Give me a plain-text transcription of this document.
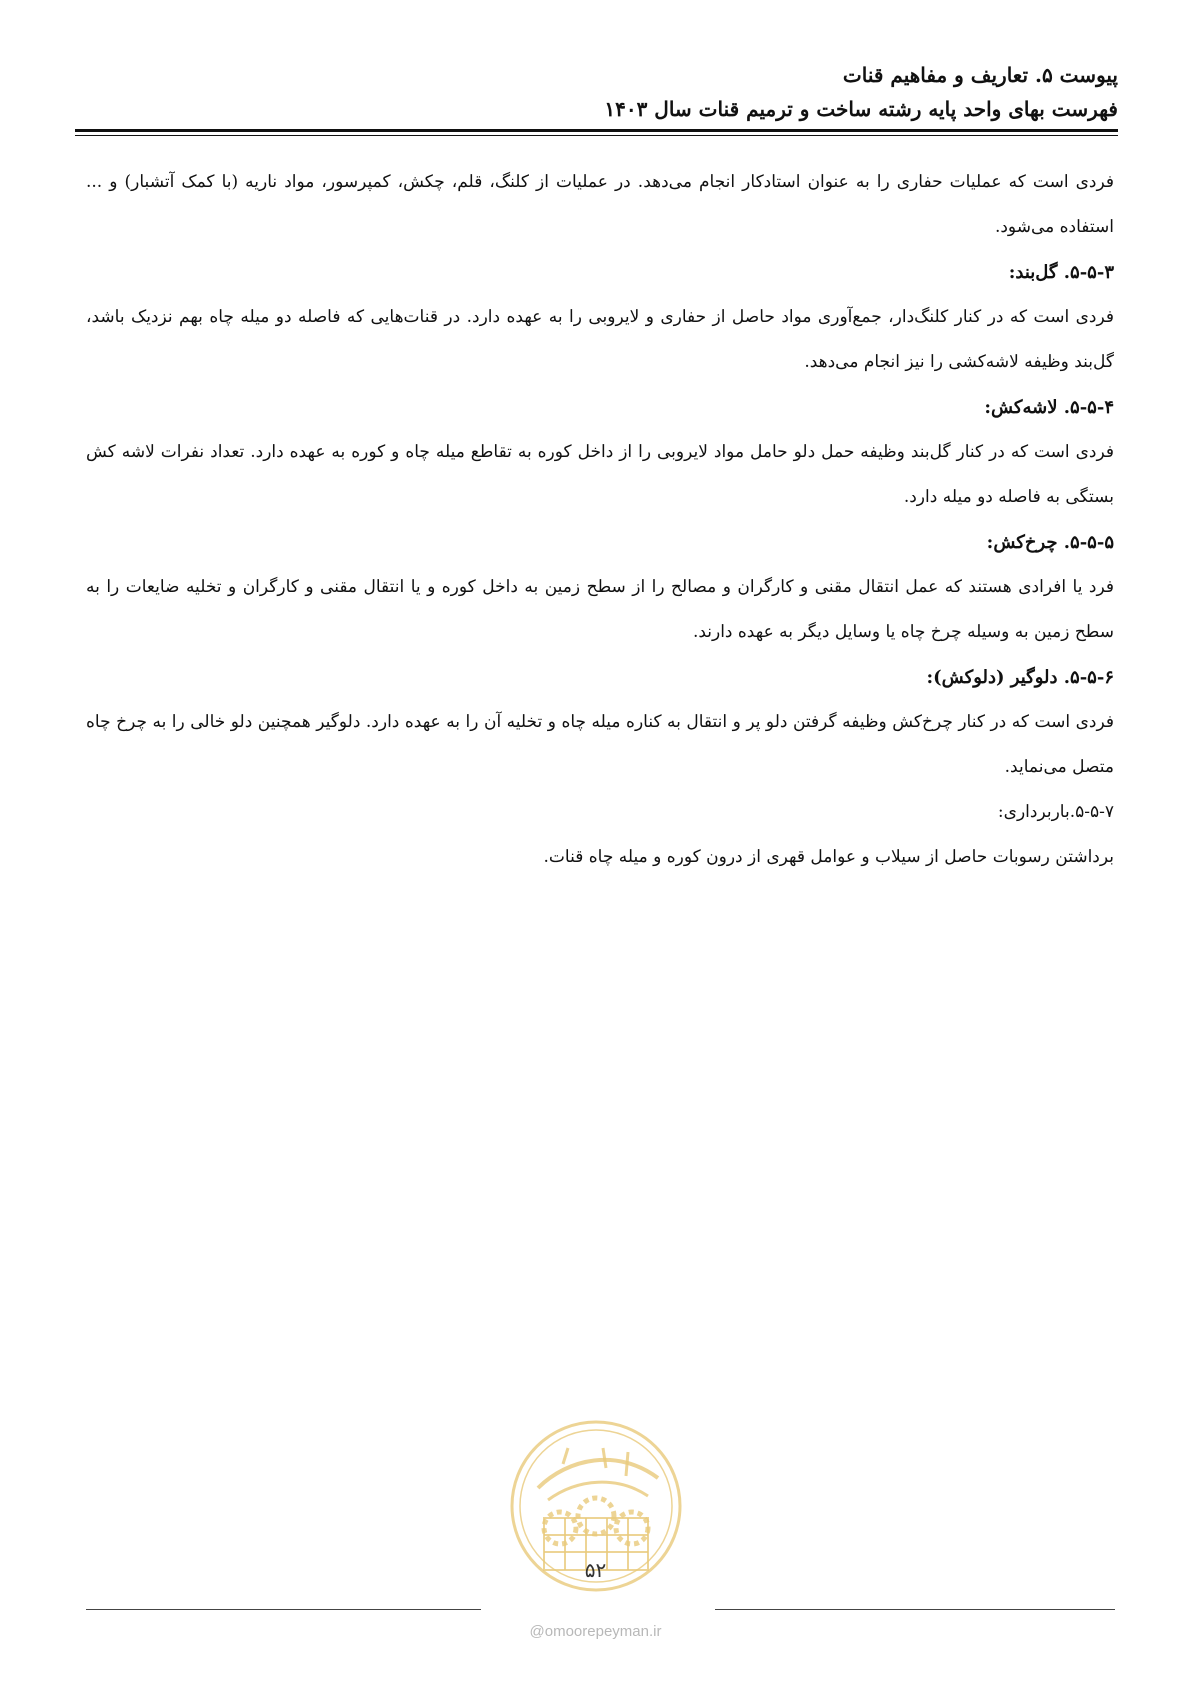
پیوست ۵. تعاریف و مفاهیم قنات
فهرست بهای واحد پایه رشته ساخت و ترمیم قنات سال ۱۴۰۳

فردی است که عملیات حفاری را به عنوان استادکار انجام می‌دهد. در عملیات از کلنگ، قلم، چکش، کمپرسور، مواد ناریه (با کمک آتشبار) و ... استفاده می‌شود.

۵-۵-۳. گل‌بند:

فردی است که در کنار کلنگ‌دار، جمع‌آوری مواد حاصل از حفاری و لایروبی را به عهده دارد. در قنات‌هایی که فاصله دو میله چاه بهم نزدیک باشد، گل‌بند وظیفه لاشه‌کشی را نیز انجام می‌دهد.

۵-۵-۴. لاشه‌کش:

فردی است که در کنار گل‌بند وظیفه حمل دلو حامل مواد لایروبی را از داخل کوره به تقاطع میله چاه و کوره به عهده دارد. تعداد نفرات لاشه کش بستگی به فاصله دو میله دارد.

۵-۵-۵. چرخ‌کش:

فرد یا افرادی هستند که عمل انتقال مقنی و کارگران و مصالح را از سطح زمین به داخل کوره و یا انتقال مقنی و کارگران و تخلیه ضایعات را به سطح زمین به وسیله چرخ چاه یا وسایل دیگر به عهده دارند.

۵-۵-۶. دلوگیر (دلوکش):

فردی است که در کنار چرخ‌کش وظیفه گرفتن دلو پر و انتقال به کناره میله چاه و تخلیه آن را به عهده دارد. دلوگیر همچنین دلو خالی را به چرخ چاه متصل می‌نماید.

۵-۵-۷.باربرداری:

برداشتن رسوبات حاصل از سیلاب و عوامل قهری از درون کوره و میله چاه قنات.

۵۲
@omoorepeyman.ir
